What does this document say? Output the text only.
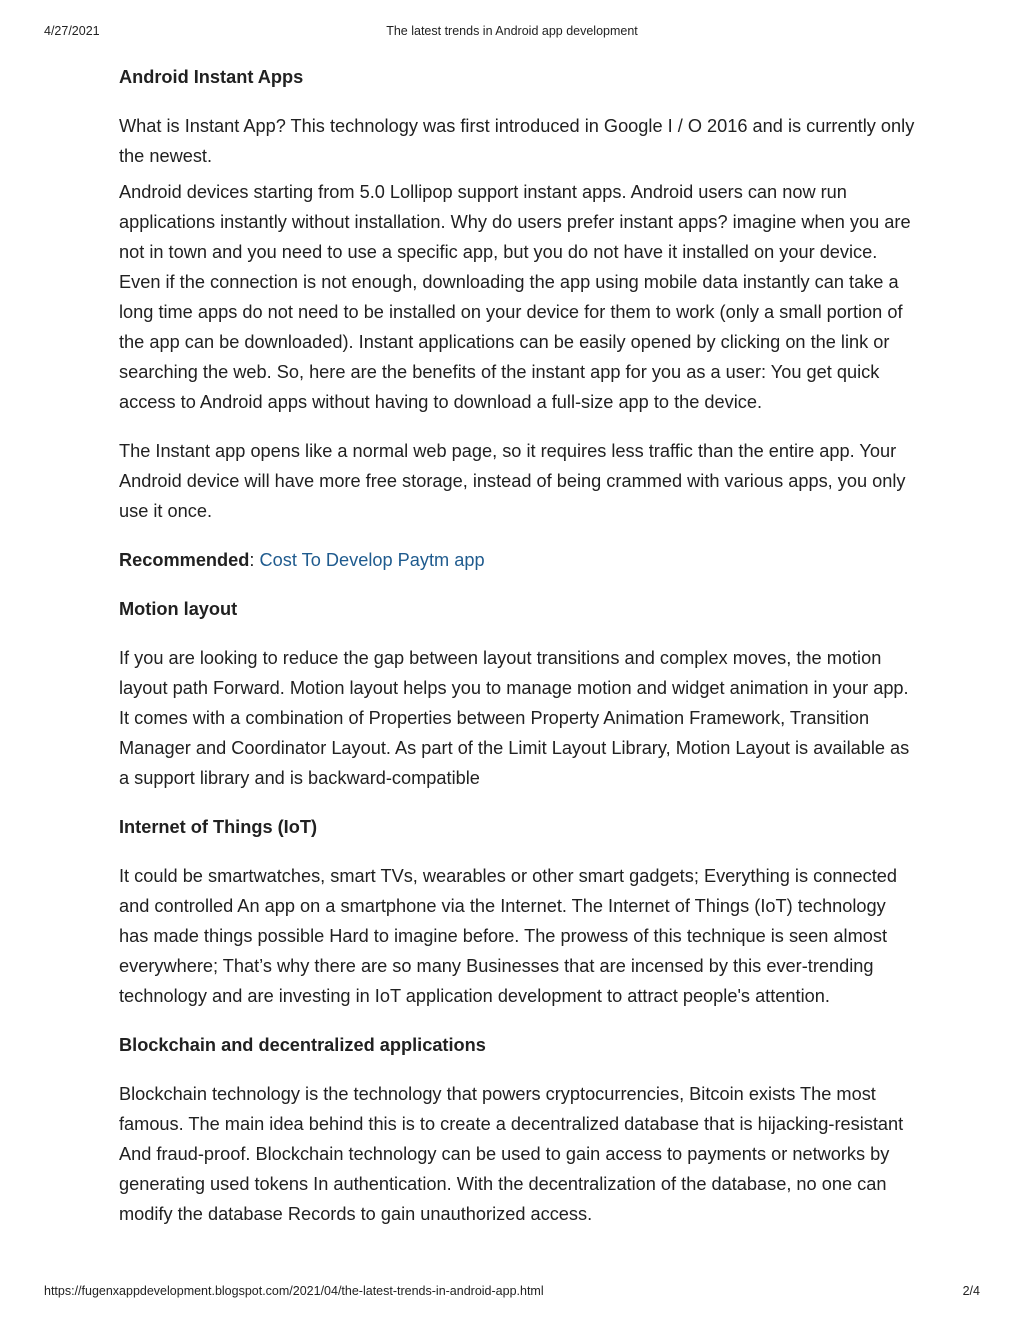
4/27/2021	The latest trends in Android app development
Android Instant Apps

What is Instant App? This technology was first introduced in Google I / O 2016 and is currently only the newest.

Android devices starting from 5.0 Lollipop support instant apps. Android users can now run applications instantly without installation. Why do users prefer instant apps? imagine when you are not in town and you need to use a specific app, but you do not have it installed on your device. Even if the connection is not enough, downloading the app using mobile data instantly can take a long time apps do not need to be installed on your device for them to work (only a small portion of the app can be downloaded). Instant applications can be easily opened by clicking on the link or searching the web. So, here are the benefits of the instant app for you as a user: You get quick access to Android apps without having to download a full-size app to the device.

The Instant app opens like a normal web page, so it requires less traffic than the entire app. Your Android device will have more free storage, instead of being crammed with various apps, you only use it once.

Recommended: Cost To Develop Paytm app

Motion layout

If you are looking to reduce the gap between layout transitions and complex moves, the motion layout path Forward. Motion layout helps you to manage motion and widget animation in your app. It comes with a combination of Properties between Property Animation Framework, Transition Manager and Coordinator Layout. As part of the Limit Layout Library, Motion Layout is available as a support library and is backward-compatible

Internet of Things (IoT)

It could be smartwatches, smart TVs, wearables or other smart gadgets; Everything is connected and controlled An app on a smartphone via the Internet. The Internet of Things (IoT) technology has made things possible Hard to imagine before. The prowess of this technique is seen almost everywhere; That’s why there are so many Businesses that are incensed by this ever-trending technology and are investing in IoT application development to attract people's attention.

Blockchain and decentralized applications

Blockchain technology is the technology that powers cryptocurrencies, Bitcoin exists The most famous. The main idea behind this is to create a decentralized database that is hijacking-resistant And fraud-proof. Blockchain technology can be used to gain access to payments or networks by generating used tokens In authentication. With the decentralization of the database, no one can modify the database Records to gain unauthorized access.

https://fugenxappdevelopment.blogspot.com/2021/04/the-latest-trends-in-android-app.html	2/4
